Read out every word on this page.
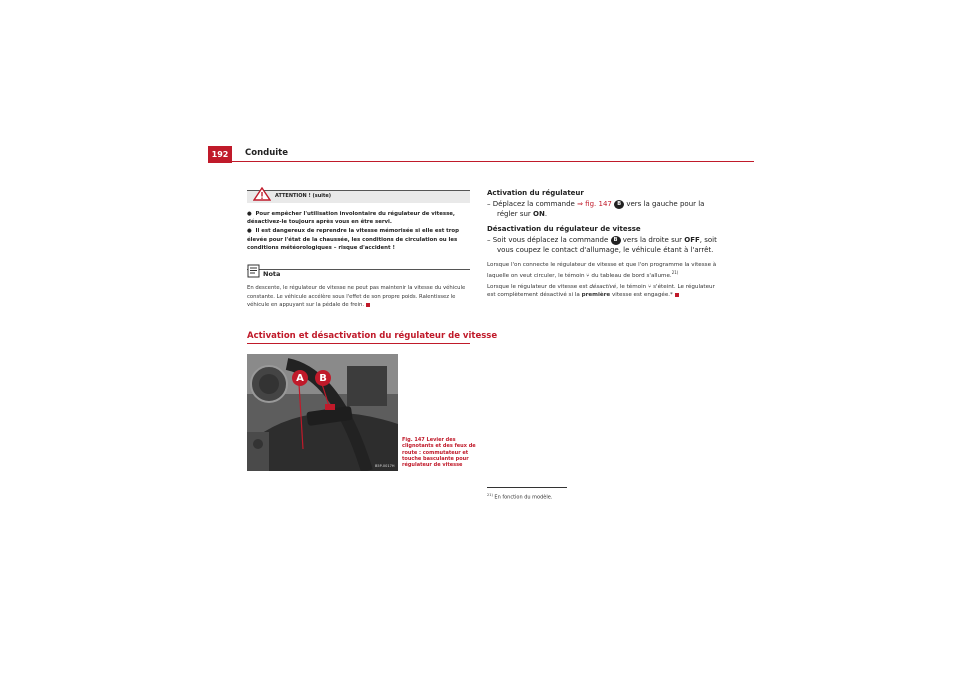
192	Conduite
ATTENTION ! (suite)

●  Pour empêcher l'utilisation involontaire du régulateur de vitesse, désactivez-le toujours après vous en être servi.

●  Il est dangereux de reprendre la vitesse mémorisée si elle est trop élevée pour l'état de la chaussée, les conditions de circulation ou les conditions météorologiques – risque d'accident !

Nota
En descente, le régulateur de vitesse ne peut pas maintenir la vitesse du véhicule constante. Le véhicule accélère sous l'effet de son propre poids. Ralentissez le véhicule en appuyant sur la pédale de frein.
Activation et désactivation du régulateur de vitesse
A	B
B5P-0017H
Fig. 147 Levier des clignotants et des feux de route : commutateur et touche basculante pour régulateur de vitesse

Activation du régulateur

– Déplacez la commande ⇒ fig. 147 B vers la gauche pour la régler sur ON.

Désactivation du régulateur de vitesse

– Soit vous déplacez la commande B vers la droite sur OFF, soit vous coupez le contact d'allumage, le véhicule étant à l'arrêt.

Lorsque l'on connecte le régulateur de vitesse et que l'on programme la vitesse à laquelle on veut circuler, le témoin ⑂ du tableau de bord s'allume.$^{21)}$

Lorsque le régulateur de vitesse est désactivé, le témoin ⑂ s'éteint. Le régulateur est complètement désactivé si la première vitesse est engagée.*

$^{21)}$ En fonction du modèle.
